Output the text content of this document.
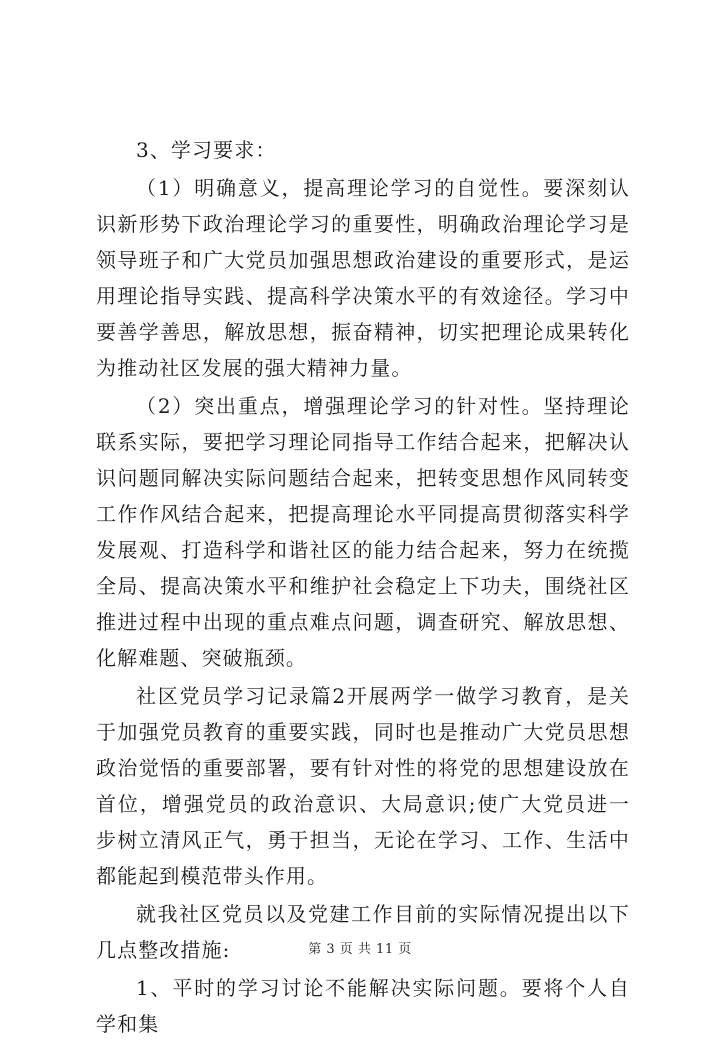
3、学习要求：

（1）明确意义，提高理论学习的自觉性。要深刻认识新形势下政治理论学习的重要性，明确政治理论学习是领导班子和广大党员加强思想政治建设的重要形式，是运用理论指导实践、提高科学决策水平的有效途径。学习中要善学善思，解放思想，振奋精神，切实把理论成果转化为推动社区发展的强大精神力量。

（2）突出重点，增强理论学习的针对性。坚持理论联系实际，要把学习理论同指导工作结合起来，把解决认识问题同解决实际问题结合起来，把转变思想作风同转变工作作风结合起来，把提高理论水平同提高贯彻落实科学发展观、打造科学和谐社区的能力结合起来，努力在统揽全局、提高决策水平和维护社会稳定上下功夫，围绕社区推进过程中出现的重点难点问题，调查研究、解放思想、化解难题、突破瓶颈。

社区党员学习记录篇2开展两学一做学习教育，是关于加强党员教育的重要实践，同时也是推动广大党员思想政治觉悟的重要部署，要有针对性的将党的思想建设放在首位，增强党员的政治意识、大局意识;使广大党员进一步树立清风正气，勇于担当，无论在学习、工作、生活中都能起到模范带头作用。

就我社区党员以及党建工作目前的实际情况提出以下几点整改措施:

1、平时的学习讨论不能解决实际问题。要将个人自学和集

第 3 页 共 11 页
